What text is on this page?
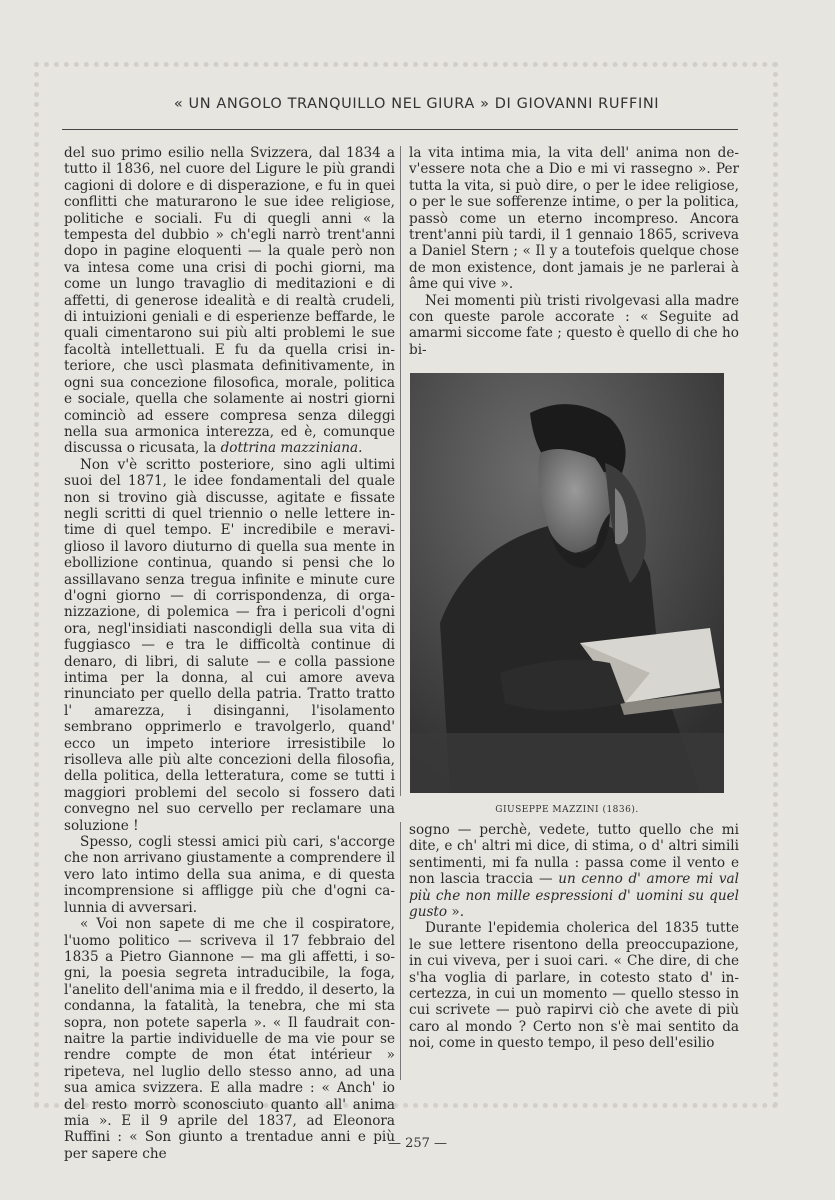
« UN ANGOLO TRANQUILLO NEL GIURA » DI GIOVANNI RUFFINI

del suo primo esilio nella Svizzera, dal 1834 a tutto il 1836, nel cuore del Ligure le più grandi cagioni di dolore e di disperazione, e fu in quei conflitti che maturarono le sue idee religiose, politiche e sociali. Fu di quegli anni « la tempesta del dubbio » ch'egli narrò trent'anni dopo in pagine eloquenti — la quale però non va intesa come una crisi di pochi giorni, ma come un lungo travaglio di meditazioni e di affetti, di generose idealità e di realtà crudeli, di intuizioni geniali e di esperienze beffarde, le quali cimentarono sui più alti problemi le sue facoltà intellettuali. E fu da quella crisi interiore, che uscì plasmata definitivamente, in ogni sua concezione filosofica, morale, politica e sociale, quella che solamente ai nostri giorni cominciò ad essere compresa senza dileggi nella sua armonica interezza, ed è, comunque discussa o ricusata, la dottrina mazziniana.

Non v'è scritto posteriore, sino agli ultimi suoi del 1871, le idee fondamentali del quale non si trovino già discusse, agitate e fissate negli scritti di quel triennio o nelle lettere intime di quel tempo. E' incredibile e meraviglioso il lavoro diuturno di quella sua mente in ebollizione continua, quando si pensi che lo assillavano senza tregua infinite e minute cure d'ogni giorno — di corrispondenza, di organizzazione, di polemica — fra i pericoli d'ogni ora, negl'insidiati nascondigli della sua vita di fuggiasco — e tra le difficoltà continue di denaro, di libri, di salute — e colla passione intima per la donna, al cui amore aveva rinunciato per quello della patria. Tratto tratto l' amarezza, i disinganni, l'isolamento sembrano opprimerlo e travolgerlo, quand' ecco un impeto interiore irresistibile lo risolleva alle più alte concezioni della filosofia, della politica, della letteratura, come se tutti i maggiori problemi del secolo si fossero dati convegno nel suo cervello per reclamare una soluzione !

Spesso, cogli stessi amici più cari, s'accorge che non arrivano giustamente a comprendere il vero lato intimo della sua anima, e di questa incomprensione si affligge più che d'ogni calunnia di avversari.

« Voi non sapete di me che il cospiratore, l'uomo politico — scriveva il 17 febbraio del 1835 a Pietro Giannone — ma gli affetti, i sogni, la poesia segreta intraducibile, la foga, l'anelito dell'anima mia e il freddo, il deserto, la condanna, la fatalità, la tenebra, che mi sta sopra, non potete saperla ». « Il faudrait connaitre la partie individuelle de ma vie pour se rendre compte de mon état intérieur » ripeteva, nel luglio dello stesso anno, ad una sua amica svizzera. E alla madre : « Anch' io del resto morrò sconosciuto quanto all' anima mia ». E il 9 aprile del 1837, ad Eleonora Ruffini : « Son giunto a trentadue anni e più per sapere che

la vita intima mia, la vita dell' anima non dev'essere nota che a Dio e mi vi rassegno ». Per tutta la vita, si può dire, o per le idee religiose, o per le sue sofferenze intime, o per la politica, passò come un eterno incompreso. Ancora trent'anni più tardi, il 1 gennaio 1865, scriveva a Daniel Stern ; « Il y a toutefois quelque chose de mon existence, dont jamais je ne parlerai à âme qui vive ».

Nei momenti più tristi rivolgevasi alla madre con queste parole accorate : « Seguite ad amarmi siccome fate ; questo è quello di che ho bi-

GIUSEPPE MAZZINI (1836).

sogno — perchè, vedete, tutto quello che mi dite, e ch' altri mi dice, di stima, o d' altri simili sentimenti, mi fa nulla : passa come il vento e non lascia traccia — un cenno d' amore mi val più che non mille espressioni d' uomini su quel gusto ».

Durante l'epidemia cholerica del 1835 tutte le sue lettere risentono della preoccupazione, in cui viveva, per i suoi cari. « Che dire, di che s'ha voglia di parlare, in cotesto stato d' incertezza, in cui un momento — quello stesso in cui scrivete — può rapirvi ciò che avete di più caro al mondo ? Certo non s'è mai sentito da noi, come in questo tempo, il peso dell'esilio

— 257 —
